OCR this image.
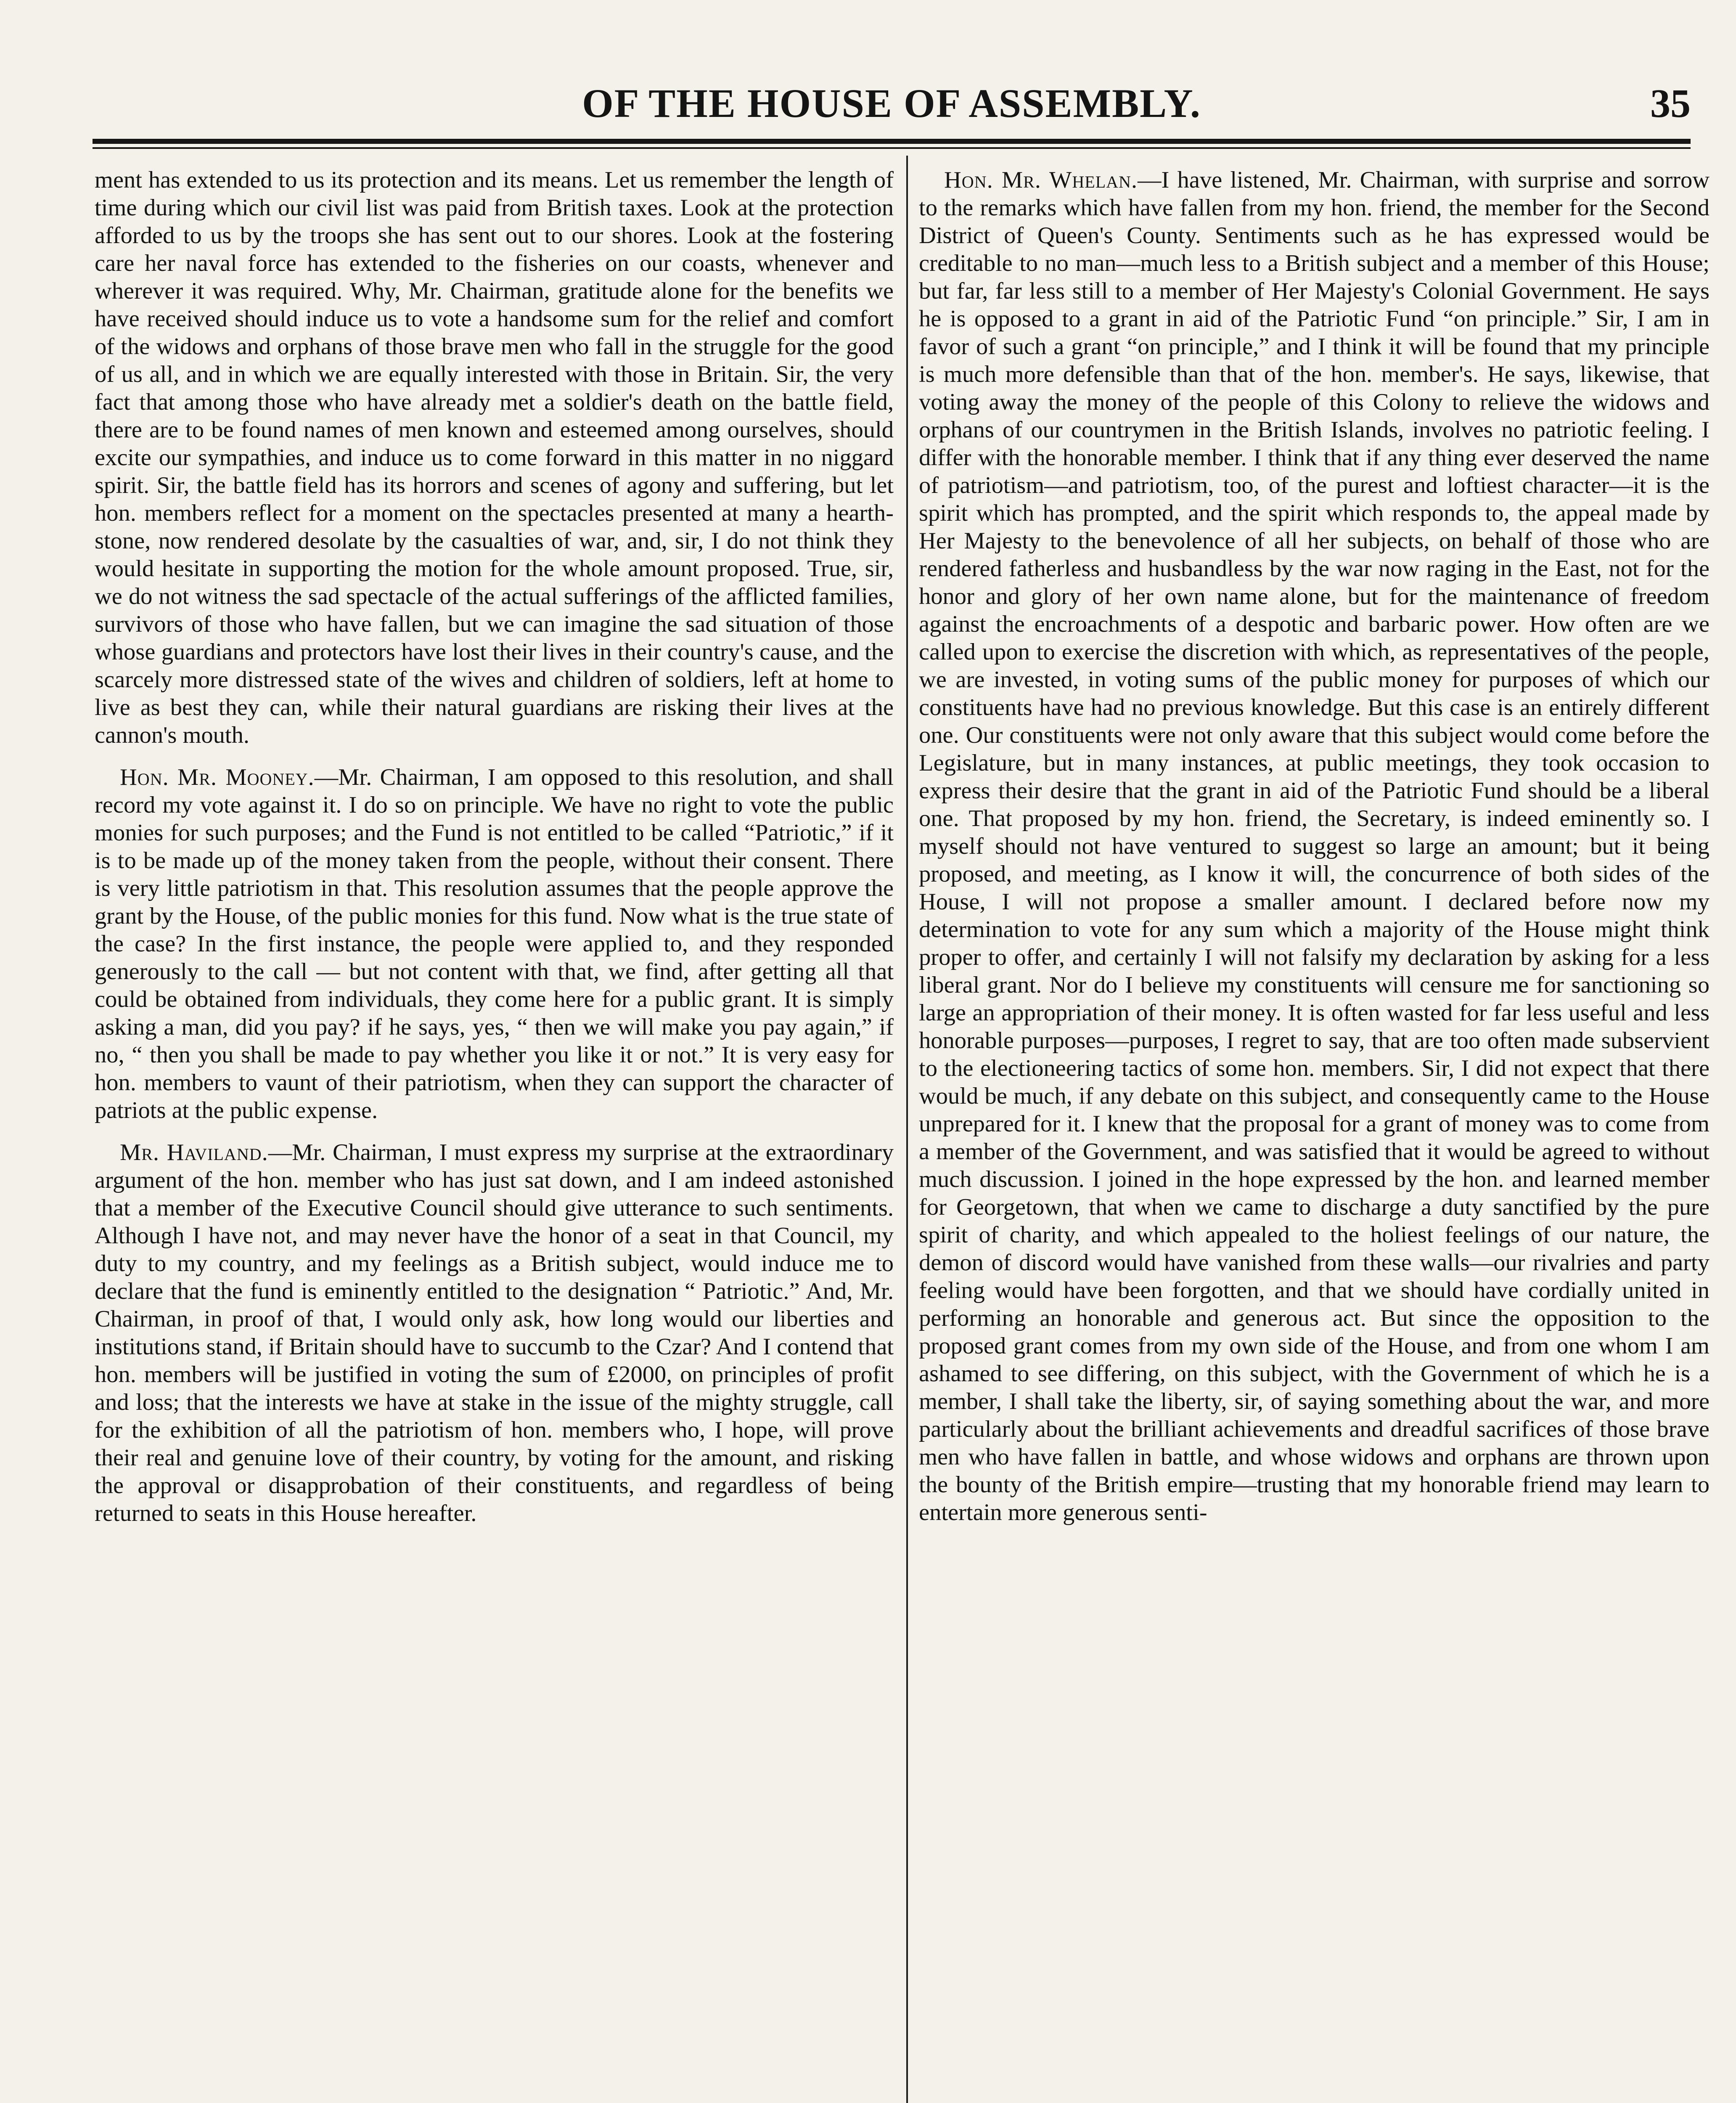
OF THE HOUSE OF ASSEMBLY.	35

ment has extended to us its protection and its means. Let us remember the length of time during which our civil list was paid from British taxes. Look at the protection afforded to us by the troops she has sent out to our shores. Look at the fostering care her naval force has extended to the fisheries on our coasts, whenever and wherever it was required. Why, Mr. Chairman, gratitude alone for the benefits we have received should induce us to vote a handsome sum for the relief and comfort of the widows and orphans of those brave men who fall in the struggle for the good of us all, and in which we are equally interested with those in Britain. Sir, the very fact that among those who have already met a soldier's death on the battle field, there are to be found names of men known and esteemed among ourselves, should excite our sympathies, and induce us to come forward in this matter in no niggard spirit. Sir, the battle field has its horrors and scenes of agony and suffering, but let hon. members reflect for a moment on the spectacles presented at many a hearth-stone, now rendered desolate by the casualties of war, and, sir, I do not think they would hesitate in supporting the motion for the whole amount proposed. True, sir, we do not witness the sad spectacle of the actual sufferings of the afflicted families, survivors of those who have fallen, but we can imagine the sad situation of those whose guardians and protectors have lost their lives in their country's cause, and the scarcely more distressed state of the wives and children of soldiers, left at home to live as best they can, while their natural guardians are risking their lives at the cannon's mouth.

Hon. Mr. Mooney.—Mr. Chairman, I am opposed to this resolution, and shall record my vote against it. I do so on principle. We have no right to vote the public monies for such purposes; and the Fund is not entitled to be called “Patriotic,” if it is to be made up of the money taken from the people, without their consent. There is very little patriotism in that. This resolution assumes that the people approve the grant by the House, of the public monies for this fund. Now what is the true state of the case? In the first instance, the people were applied to, and they responded generously to the call — but not content with that, we find, after getting all that could be obtained from individuals, they come here for a public grant. It is simply asking a man, did you pay? if he says, yes, “ then we will make you pay again,” if no, “ then you shall be made to pay whether you like it or not.” It is very easy for hon. members to vaunt of their patriotism, when they can support the character of patriots at the public expense.

Mr. Haviland.—Mr. Chairman, I must express my surprise at the extraordinary argument of the hon. member who has just sat down, and I am indeed astonished that a member of the Executive Council should give utterance to such sentiments. Although I have not, and may never have the honor of a seat in that Council, my duty to my country, and my feelings as a British subject, would induce me to declare that the fund is eminently entitled to the designation “ Patriotic.” And, Mr. Chairman, in proof of that, I would only ask, how long would our liberties and institutions stand, if Britain should have to succumb to the Czar? And I contend that hon. members will be justified in voting the sum of £2000, on principles of profit and loss; that the interests we have at stake in the issue of the mighty struggle, call for the exhibition of all the patriotism of hon. members who, I hope, will prove their real and genuine love of their country, by voting for the amount, and risking the approval or disapprobation of their constituents, and regardless of being returned to seats in this House hereafter.

Hon. Mr. Whelan.—I have listened, Mr. Chairman, with surprise and sorrow to the remarks which have fallen from my hon. friend, the member for the Second District of Queen's County. Sentiments such as he has expressed would be creditable to no man—much less to a British subject and a member of this House; but far, far less still to a member of Her Majesty's Colonial Government. He says he is opposed to a grant in aid of the Patriotic Fund “on principle.” Sir, I am in favor of such a grant “on principle,” and I think it will be found that my principle is much more defensible than that of the hon. member's. He says, likewise, that voting away the money of the people of this Colony to relieve the widows and orphans of our countrymen in the British Islands, involves no patriotic feeling. I differ with the honorable member. I think that if any thing ever deserved the name of patriotism—and patriotism, too, of the purest and loftiest character—it is the spirit which has prompted, and the spirit which responds to, the appeal made by Her Majesty to the benevolence of all her subjects, on behalf of those who are rendered fatherless and husbandless by the war now raging in the East, not for the honor and glory of her own name alone, but for the maintenance of freedom against the encroachments of a despotic and barbaric power. How often are we called upon to exercise the discretion with which, as representatives of the people, we are invested, in voting sums of the public money for purposes of which our constituents have had no previous knowledge. But this case is an entirely different one. Our constituents were not only aware that this subject would come before the Legislature, but in many instances, at public meetings, they took occasion to express their desire that the grant in aid of the Patriotic Fund should be a liberal one. That proposed by my hon. friend, the Secretary, is indeed eminently so. I myself should not have ventured to suggest so large an amount; but it being proposed, and meeting, as I know it will, the concurrence of both sides of the House, I will not propose a smaller amount. I declared before now my determination to vote for any sum which a majority of the House might think proper to offer, and certainly I will not falsify my declaration by asking for a less liberal grant. Nor do I believe my constituents will censure me for sanctioning so large an appropriation of their money. It is often wasted for far less useful and less honorable purposes—purposes, I regret to say, that are too often made subservient to the electioneering tactics of some hon. members. Sir, I did not expect that there would be much, if any debate on this subject, and consequently came to the House unprepared for it. I knew that the proposal for a grant of money was to come from a member of the Government, and was satisfied that it would be agreed to without much discussion. I joined in the hope expressed by the hon. and learned member for Georgetown, that when we came to discharge a duty sanctified by the pure spirit of charity, and which appealed to the holiest feelings of our nature, the demon of discord would have vanished from these walls—our rivalries and party feeling would have been forgotten, and that we should have cordially united in performing an honorable and generous act. But since the opposition to the proposed grant comes from my own side of the House, and from one whom I am ashamed to see differing, on this subject, with the Government of which he is a member, I shall take the liberty, sir, of saying something about the war, and more particularly about the brilliant achievements and dreadful sacrifices of those brave men who have fallen in battle, and whose widows and orphans are thrown upon the bounty of the British empire—trusting that my honorable friend may learn to entertain more generous senti-
